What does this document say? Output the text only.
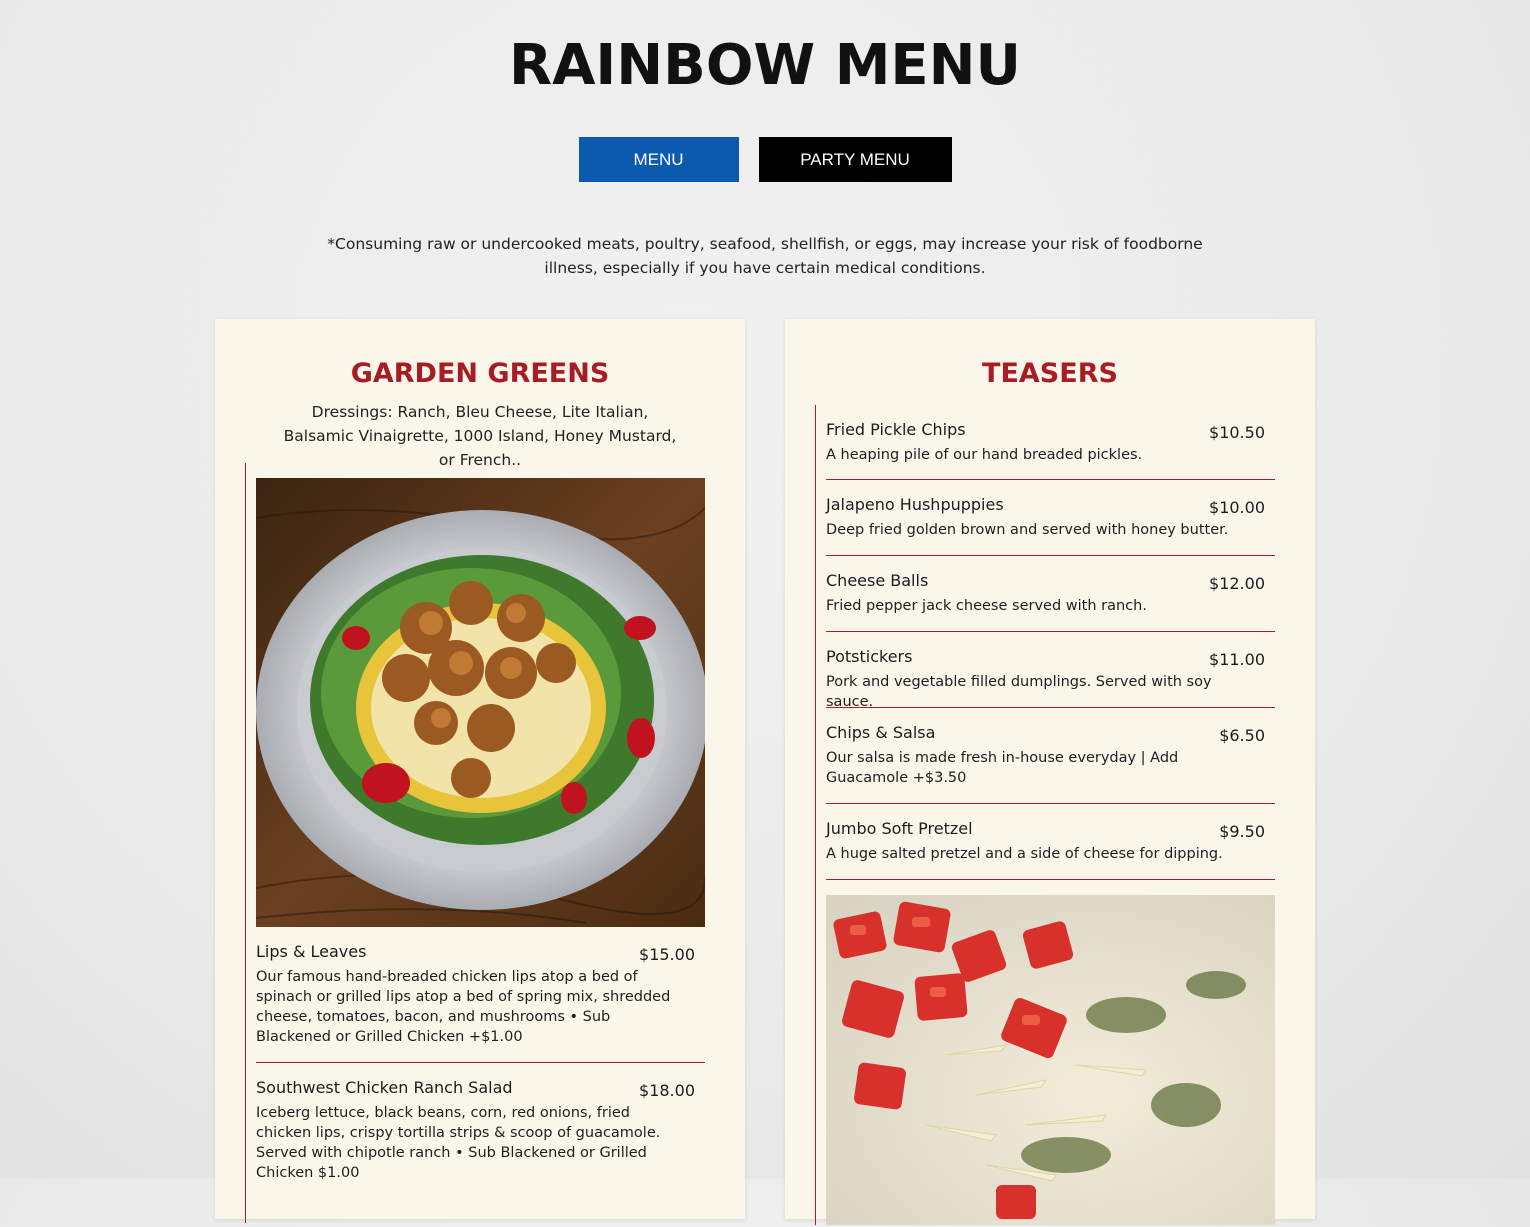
RAINBOW MENU
MENU	PARTY MENU
*Consuming raw or undercooked meats, poultry, seafood, shellfish, or eggs, may increase your risk of foodborne illness, especially if you have certain medical conditions.
GARDEN GREENS
Dressings: Ranch, Bleu Cheese, Lite Italian, Balsamic Vinaigrette, 1000 Island, Honey Mustard, or French..
Lips & Leaves	$15.00
Our famous hand-breaded chicken lips atop a bed of spinach or grilled lips atop a bed of spring mix, shredded cheese, tomatoes, bacon, and mushrooms • Sub Blackened or Grilled Chicken +$1.00
Southwest Chicken Ranch Salad	$18.00
Iceberg lettuce, black beans, corn, red onions, fried chicken lips, crispy tortilla strips & scoop of guacamole. Served with chipotle ranch • Sub Blackened or Grilled Chicken $1.00
TEASERS
Fried Pickle Chips	$10.50
A heaping pile of our hand breaded pickles.
Jalapeno Hushpuppies	$10.00
Deep fried golden brown and served with honey butter.
Cheese Balls	$12.00
Fried pepper jack cheese served with ranch.
Potstickers	$11.00
Pork and vegetable filled dumplings. Served with soy sauce.
Chips & Salsa	$6.50
Our salsa is made fresh in-house everyday | Add Guacamole +$3.50
Jumbo Soft Pretzel	$9.50
A huge salted pretzel and a side of cheese for dipping.
